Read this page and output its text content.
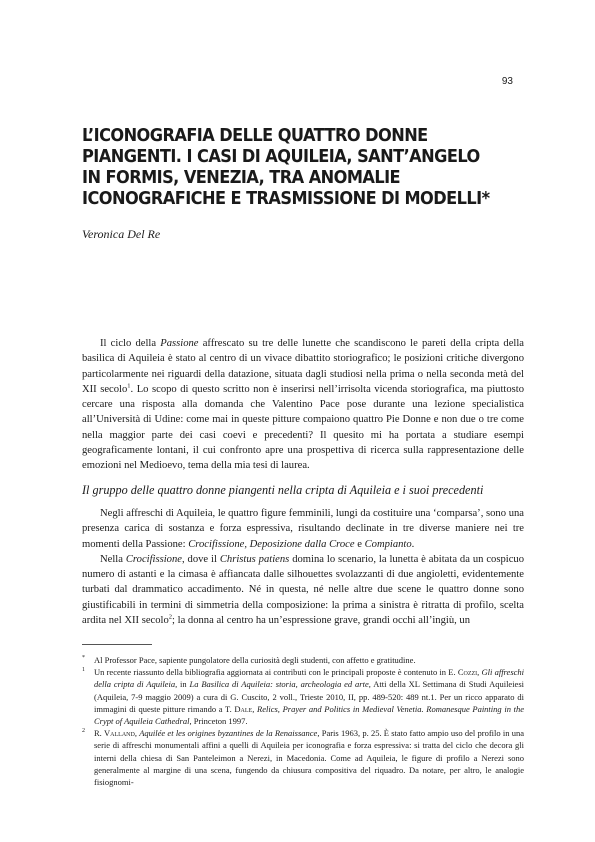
93
L’ICONOGRAFIA DELLE QUATTRO DONNE
PIANGENTI. I CASI DI AQUILEIA, SANT’ANGELO
IN FORMIS, VENEZIA, TRA ANOMALIE
ICONOGRAFICHE E TRASMISSIONE DI MODELLI*
Veronica Del Re

Il ciclo della Passione affrescato su tre delle lunette che scandiscono le pareti della cripta della basilica di Aquileia è stato al centro di un vivace dibattito storiografico; le posizioni critiche divergono particolarmente nei riguardi della datazione, situata dagli studiosi nella prima o nella seconda metà del XII secolo$^1$. Lo scopo di questo scritto non è inserirsi nell’irrisolta vicenda storiografica, ma piuttosto cercare una risposta alla domanda che Valentino Pace pose durante una lezione specialistica all’Università di Udine: come mai in queste pitture compaiono quattro Pie Donne e non due o tre come nella maggior parte dei casi coevi e precedenti? Il quesito mi ha portata a studiare esempi geograficamente lontani, il cui confronto apre una prospettiva di ricerca sulla rappresentazione delle emozioni nel Medioevo, tema della mia tesi di laurea.

Il gruppo delle quattro donne piangenti nella cripta di Aquileia e i suoi precedenti

Negli affreschi di Aquileia, le quattro figure femminili, lungi da costituire una ‘comparsa’, sono una presenza carica di sostanza e forza espressiva, risultando declinate in tre diverse maniere nei tre momenti della Passione: Crocifissione, Deposizione dalla Croce e Compianto.

Nella Crocifissione, dove il Christus patiens domina lo scenario, la lunetta è abitata da un cospicuo numero di astanti e la cimasa è affiancata dalle silhouettes svolazzanti di due angioletti, evidentemente turbati dal drammatico accadimento. Né in questa, né nelle altre due scene le quattro donne sono giustificabili in termini di simmetria della composizione: la prima a sinistra è ritratta di profilo, scelta ardita nel XII secolo$^2$; la donna al centro ha un’espressione grave, grandi occhi all’ingiù, un

* Al Professor Pace, sapiente pungolatore della curiosità degli studenti, con affetto e gratitudine.

1 Un recente riassunto della bibliografia aggiornata ai contributi con le principali proposte è contenuto in E. Cozzi, Gli affreschi della cripta di Aquileia, in La Basilica di Aquileia: storia, archeologia ed arte, Atti della XL Settimana di Studi Aquileiesi (Aquileia, 7-9 maggio 2009) a cura di G. Cuscito, 2 voll., Trieste 2010, II, pp. 489-520: 489 nt.1. Per un ricco apparato di immagini di queste pitture rimando a T. Dale, Relics, Prayer and Politics in Medieval Venetia. Romanesque Painting in the Crypt of Aquileia Cathedral, Princeton 1997.

2 R. Valland, Aquilée et les origines byzantines de la Renaissance, Paris 1963, p. 25. È stato fatto ampio uso del profilo in una serie di affreschi monumentali affini a quelli di Aquileia per iconografia e forza espressiva: si tratta del ciclo che decora gli interni della chiesa di San Panteleimon a Nerezi, in Macedonia. Come ad Aquileia, le figure di profilo a Nerezi sono generalmente al margine di una scena, fungendo da chiusura compositiva del riquadro. Da notare, per altro, le analogie fisiognomi-
